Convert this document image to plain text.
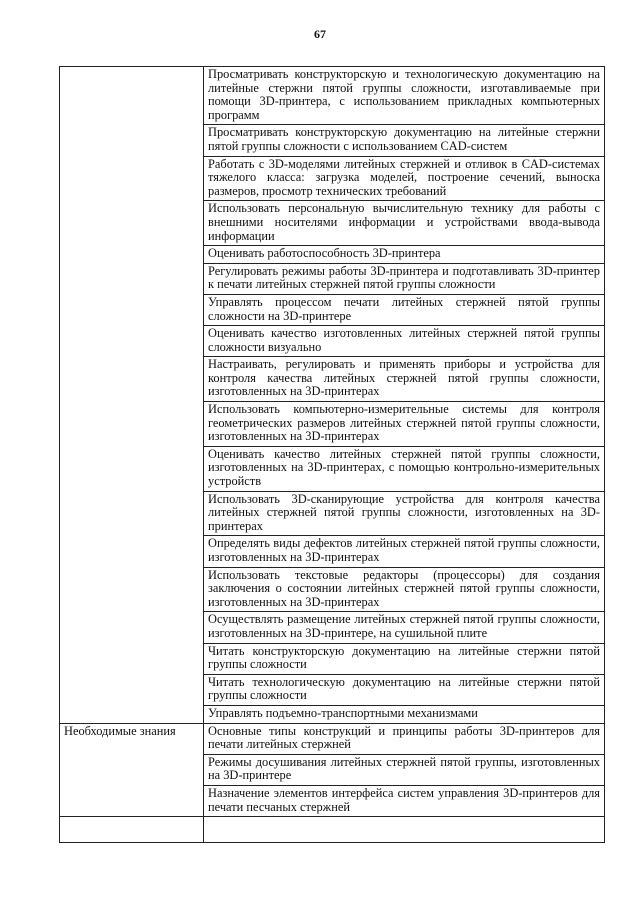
67
	Просматривать конструкторскую и технологическую документацию на литейные стержни пятой группы сложности, изготавливаемые при помощи 3D-принтера, с использованием прикладных компьютерных программ
	Просматривать конструкторскую документацию на литейные стержни пятой группы сложности с использованием CAD-систем
	Работать с 3D-моделями литейных стержней и отливок в CAD-системах тяжелого класса: загрузка моделей, построение сечений, выноска размеров, просмотр технических требований
	Использовать персональную вычислительную технику для работы с внешними носителями информации и устройствами ввода-вывода информации
	Оценивать работоспособность 3D-принтера
	Регулировать режимы работы 3D-принтера и подготавливать 3D-принтер к печати литейных стержней пятой группы сложности
	Управлять процессом печати литейных стержней пятой группы сложности на 3D-принтере
	Оценивать качество изготовленных литейных стержней пятой группы сложности визуально
	Настраивать, регулировать и применять приборы и устройства для контроля качества литейных стержней пятой группы сложности, изготовленных на 3D-принтерах
	Использовать компьютерно-измерительные системы для контроля геометрических размеров литейных стержней пятой группы сложности, изготовленных на 3D-принтерах
	Оценивать качество литейных стержней пятой группы сложности, изготовленных на 3D-принтерах, с помощью контрольно-измерительных устройств
	Использовать 3D-сканирующие устройства для контроля качества литейных стержней пятой группы сложности, изготовленных на 3D-принтерах
	Определять виды дефектов литейных стержней пятой группы сложности, изготовленных на 3D-принтерах
	Использовать текстовые редакторы (процессоры) для создания заключения о состоянии литейных стержней пятой группы сложности, изготовленных на 3D-принтерах
	Осуществлять размещение литейных стержней пятой группы сложности, изготовленных на 3D-принтере, на сушильной плите
	Читать конструкторскую документацию на литейные стержни пятой группы сложности
	Читать технологическую документацию на литейные стержни пятой группы сложности
	Управлять подъемно-транспортными механизмами
Необходимые знания	Основные типы конструкций и принципы работы 3D-принтеров для печати литейных стержней
	Режимы досушивания литейных стержней пятой группы, изготовленных на 3D-принтере
	Назначение элементов интерфейса систем управления 3D-принтеров для печати песчаных стержней
